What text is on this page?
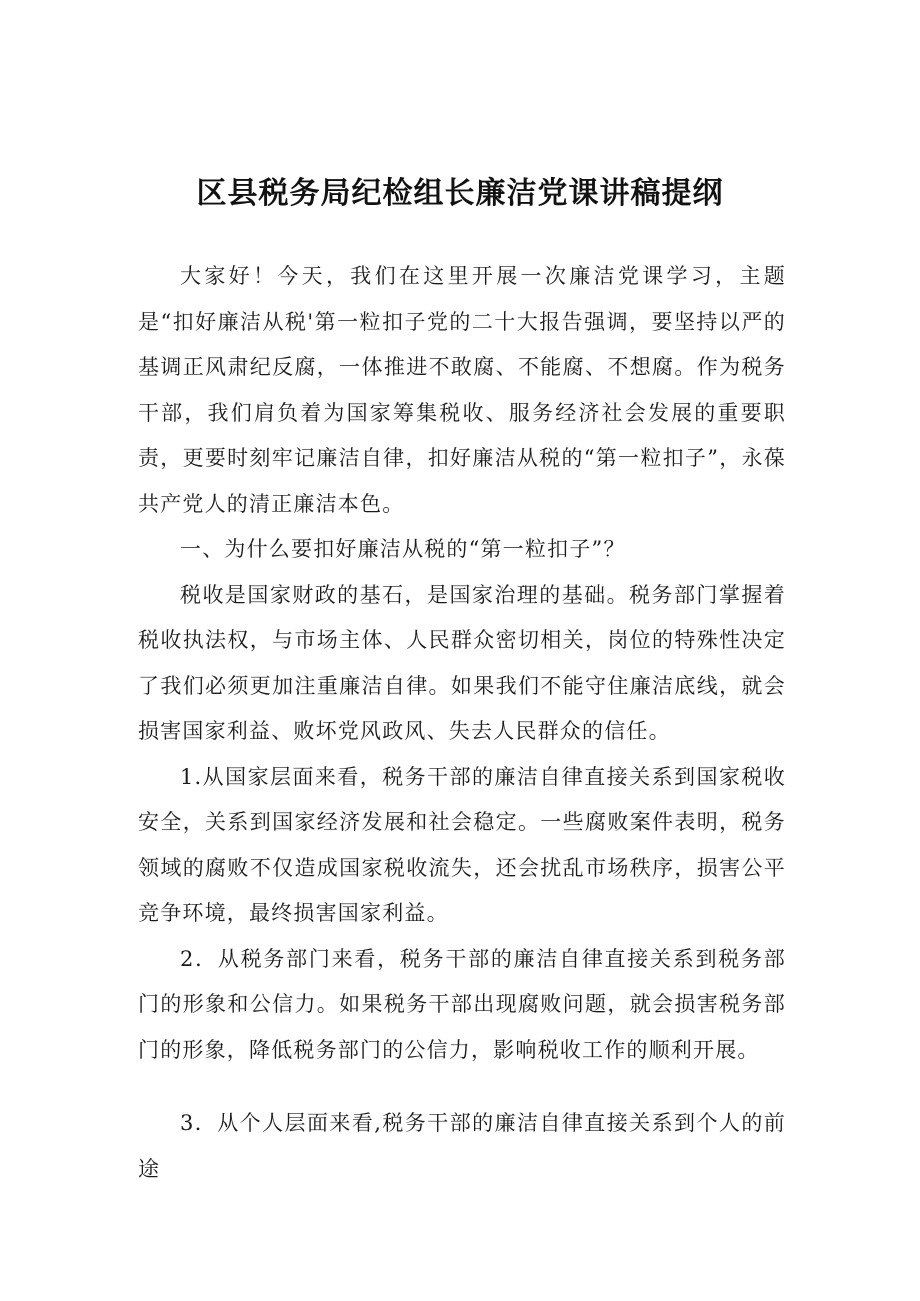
区县税务局纪检组长廉洁党课讲稿提纲

大家好！今天，我们在这里开展一次廉洁党课学习，主题是“扣好廉洁从税'第一粒扣子党的二十大报告强调，要坚持以严的基调正风肃纪反腐，一体推进不敢腐、不能腐、不想腐。作为税务干部，我们肩负着为国家筹集税收、服务经济社会发展的重要职责，更要时刻牢记廉洁自律，扣好廉洁从税的“第一粒扣子”，永葆共产党人的清正廉洁本色。

一、为什么要扣好廉洁从税的“第一粒扣子”？

税收是国家财政的基石，是国家治理的基础。税务部门掌握着税收执法权，与市场主体、人民群众密切相关，岗位的特殊性决定了我们必须更加注重廉洁自律。如果我们不能守住廉洁底线，就会损害国家利益、败坏党风政风、失去人民群众的信任。

1.从国家层面来看，税务干部的廉洁自律直接关系到国家税收安全，关系到国家经济发展和社会稳定。一些腐败案件表明，税务领域的腐败不仅造成国家税收流失，还会扰乱市场秩序，损害公平竞争环境，最终损害国家利益。

2．从税务部门来看，税务干部的廉洁自律直接关系到税务部门的形象和公信力。如果税务干部出现腐败问题，就会损害税务部门的形象，降低税务部门的公信力，影响税收工作的顺利开展。

3．从个人层面来看,税务干部的廉洁自律直接关系到个人的前途
